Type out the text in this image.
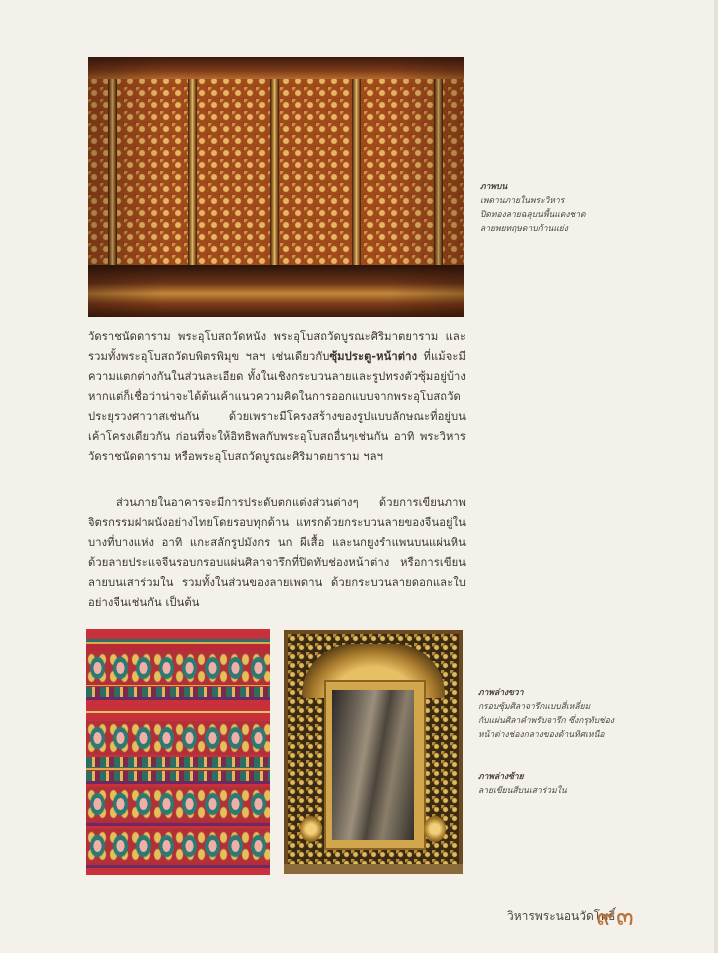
ภาพบน
เพดานภายในพระวิหาร
ปิดทองลายฉลุบนพื้นแดงชาด
ลายพยทฤษดาบก้านแย่ง

วัดราชนัดดาราม พระอุโบสถวัดหนัง พระอุโบสถวัดบูรณะศิริมาตยาราม และรวมทั้งพระอุโบสถวัดบพิตรพิมุข ฯลฯ เช่นเดียวกับซุ้มประตู-หน้าต่าง ที่แม้จะมีความแตกต่างกันในส่วนละเอียด ทั้งในเชิงกระบวนลายและรูปทรงตัวซุ้มอยู่บ้าง หากแต่ก็เชื่อว่าน่าจะได้ต้นเค้าแนวความคิดในการออกแบบจากพระอุโบสถวัดประยุรวงศาวาสเช่นกัน ด้วยเพราะมีโครงสร้างของรูปแบบลักษณะที่อยู่บนเค้าโครงเดียวกัน ก่อนที่จะให้อิทธิพลกับพระอุโบสถอื่นๆเช่นกัน อาทิ พระวิหารวัดราชนัดดาราม หรือพระอุโบสถวัดบูรณะศิริมาตยาราม ฯลฯ

ส่วนภายในอาคารจะมีการประดับตกแต่งส่วนต่างๆ ด้วยการเขียนภาพจิตรกรรมฝาผนังอย่างไทยโดยรอบทุกด้าน แทรกด้วยกระบวนลายของจีนอยู่ในบางที่บางแห่ง อาทิ แกะสลักรูปมังกร นก ผีเสื้อ และนกยูงรำแพนบนแผ่นหินด้วยลายประแจจีนรอบกรอบแผ่นศิลาจารึกที่ปิดทับช่องหน้าต่าง หรือการเขียนลายบนเสาร่วมใน รวมทั้งในส่วนของลายเพดาน ด้วยกระบวนลายดอกและใบอย่างจีนเช่นกัน เป็นต้น

ภาพล่างขวา
กรอบซุ้มศิลาจารึกแบบสี่เหลี่ยม
กับแผ่นศิลาคำพรับจารึก ซึ่งกรุทับช่อง
หน้าต่างช่องกลางของด้านทิศเหนือ
ภาพล่างซ้าย
ลายเขียนสีบนเสาร่วมใน
วิหารพระนอนวัดโพธิ์
๙๓
